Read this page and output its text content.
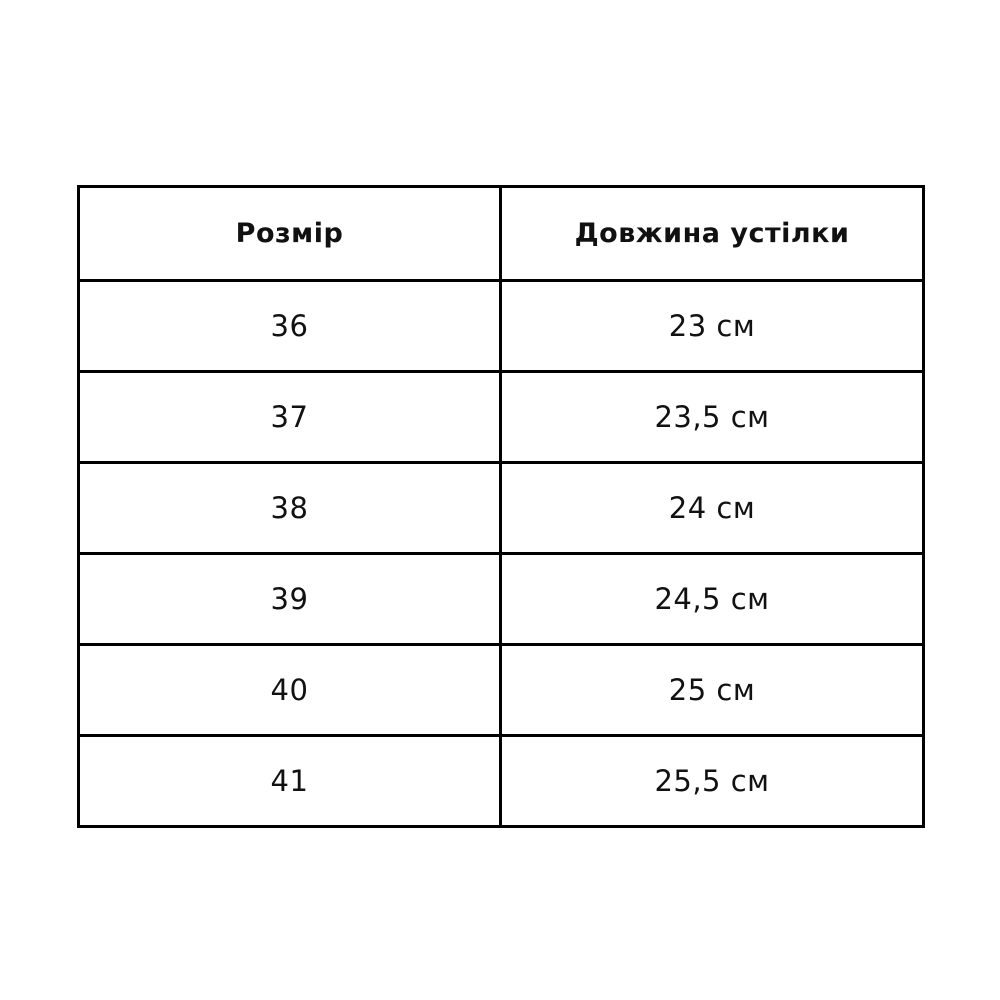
Розмір	Довжина устілки
36	23 см
37	23,5 см
38	24 см
39	24,5 см
40	25 см
41	25,5 см
